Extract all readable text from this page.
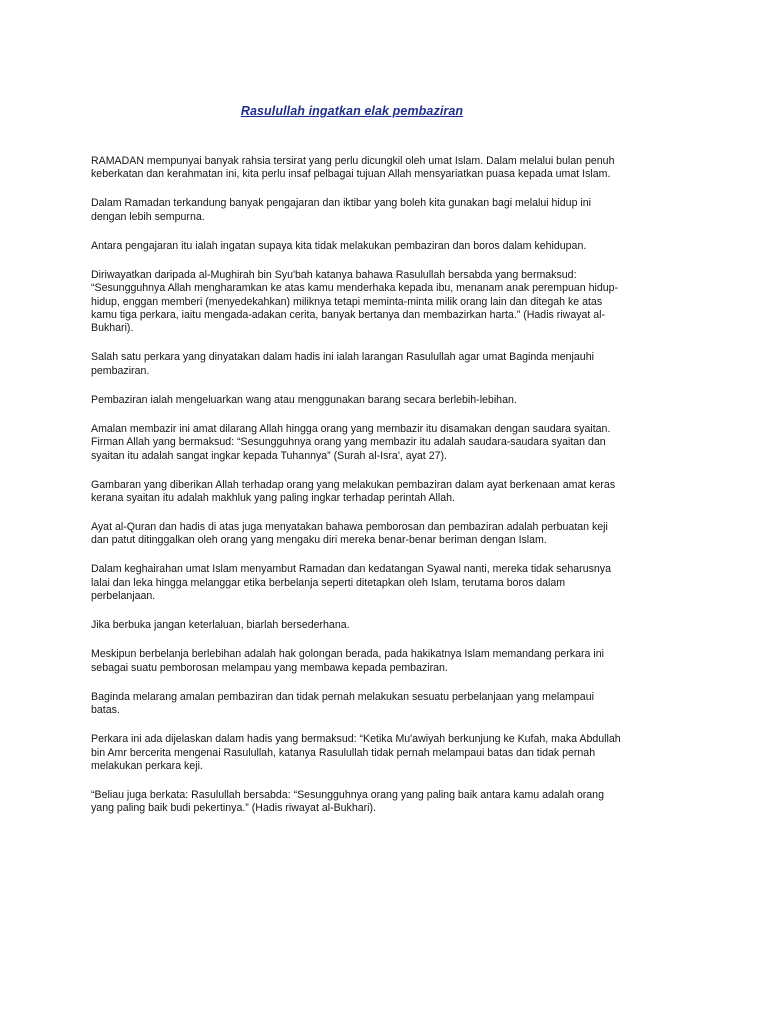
Rasulullah ingatkan elak pembaziran

RAMADAN mempunyai banyak rahsia tersirat yang perlu dicungkil oleh umat Islam. Dalam melalui bulan penuh keberkatan dan kerahmatan ini, kita perlu insaf pelbagai tujuan Allah mensyariatkan puasa kepada umat Islam.

Dalam Ramadan terkandung banyak pengajaran dan iktibar yang boleh kita gunakan bagi melalui hidup ini dengan lebih sempurna.

Antara pengajaran itu ialah ingatan supaya kita tidak melakukan pembaziran dan boros dalam kehidupan.

Diriwayatkan daripada al-Mughirah bin Syu'bah katanya bahawa Rasulullah bersabda yang bermaksud: “Sesungguhnya Allah mengharamkan ke atas kamu menderhaka kepada ibu, menanam anak perempuan hidup-hidup, enggan memberi (menyedekahkan) miliknya tetapi meminta-minta milik orang lain dan ditegah ke atas kamu tiga perkara, iaitu mengada-adakan cerita, banyak bertanya dan membazirkan harta.” (Hadis riwayat al-Bukhari).

Salah satu perkara yang dinyatakan dalam hadis ini ialah larangan Rasulullah agar umat Baginda menjauhi pembaziran.

Pembaziran ialah mengeluarkan wang atau menggunakan barang secara berlebih-lebihan.

Amalan membazir ini amat dilarang Allah hingga orang yang membazir itu disamakan dengan saudara syaitan. Firman Allah yang bermaksud: “Sesungguhnya orang yang membazir itu adalah saudara-saudara syaitan dan syaitan itu adalah sangat ingkar kepada Tuhannya” (Surah al-Isra', ayat 27).

Gambaran yang diberikan Allah terhadap orang yang melakukan pembaziran dalam ayat berkenaan amat keras kerana syaitan itu adalah makhluk yang paling ingkar terhadap perintah Allah.

Ayat al-Quran dan hadis di atas juga menyatakan bahawa pemborosan dan pembaziran adalah perbuatan keji dan patut ditinggalkan oleh orang yang mengaku diri mereka benar-benar beriman dengan Islam.

Dalam keghairahan umat Islam menyambut Ramadan dan kedatangan Syawal nanti, mereka tidak seharusnya lalai dan leka hingga melanggar etika berbelanja seperti ditetapkan oleh Islam, terutama boros dalam perbelanjaan.

Jika berbuka jangan keterlaluan, biarlah bersederhana.

Meskipun berbelanja berlebihan adalah hak golongan berada, pada hakikatnya Islam memandang perkara ini sebagai suatu pemborosan melampau yang membawa kepada pembaziran.

Baginda melarang amalan pembaziran dan tidak pernah melakukan sesuatu perbelanjaan yang melampaui batas.

Perkara ini ada dijelaskan dalam hadis yang bermaksud: “Ketika Mu'awiyah berkunjung ke Kufah, maka Abdullah bin Amr bercerita mengenai Rasulullah, katanya Rasulullah tidak pernah melampaui batas dan tidak pernah melakukan perkara keji.

“Beliau juga berkata: Rasulullah bersabda: “Sesungguhnya orang yang paling baik antara kamu adalah orang yang paling baik budi pekertinya.” (Hadis riwayat al-Bukhari).
